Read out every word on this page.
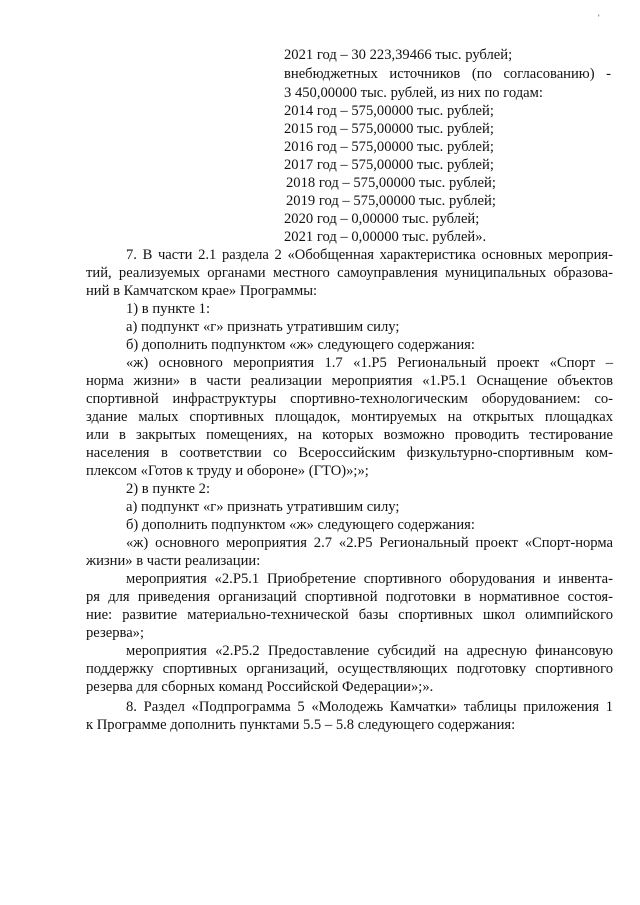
'
2021 год – 30 223,39466 тыс. рублей;
внебюджетных источников (по согласованию) -
3 450,00000 тыс. рублей, из них по годам:
2014 год – 575,00000 тыс. рублей;
2015 год – 575,00000 тыс. рублей;
2016 год – 575,00000 тыс. рублей;
2017 год – 575,00000 тыс. рублей;
2018 год – 575,00000 тыс. рублей;
2019 год – 575,00000 тыс. рублей;
2020 год – 0,00000 тыс. рублей;
2021 год – 0,00000 тыс. рублей».
7. В части 2.1 раздела 2 «Обобщенная характеристика основных мероприя-
тий, реализуемых органами местного самоуправления муниципальных образова-
ний в Камчатском крае» Программы:
1) в пункте 1:
а) подпункт «г» признать утратившим силу;
б) дополнить подпунктом «ж» следующего содержания:
«ж) основного мероприятия 1.7 «1.Р5 Региональный проект «Спорт –
норма жизни» в части реализации мероприятия «1.Р5.1 Оснащение объектов
спортивной инфраструктуры спортивно-технологическим оборудованием: со-
здание малых спортивных площадок, монтируемых на открытых площадках
или в закрытых помещениях, на которых возможно проводить тестирование
населения в соответствии со Всероссийским физкультурно-спортивным ком-
плексом «Готов к труду и обороне» (ГТО)»;»;
2) в пункте 2:
а) подпункт «г» признать утратившим силу;
б) дополнить подпунктом «ж» следующего содержания:
«ж) основного мероприятия 2.7 «2.Р5 Региональный проект «Спорт-норма
жизни» в части реализации:
мероприятия «2.Р5.1 Приобретение спортивного оборудования и инвента-
ря для приведения организаций спортивной подготовки в нормативное состоя-
ние: развитие материально-технической базы спортивных школ олимпийского
резерва»;
мероприятия «2.Р5.2 Предоставление субсидий на адресную финансовую
поддержку спортивных организаций, осуществляющих подготовку спортивного
резерва для сборных команд Российской Федерации»;».
8. Раздел «Подпрограмма 5 «Молодежь Камчатки» таблицы приложения 1
к Программе дополнить пунктами 5.5 – 5.8 следующего содержания:
